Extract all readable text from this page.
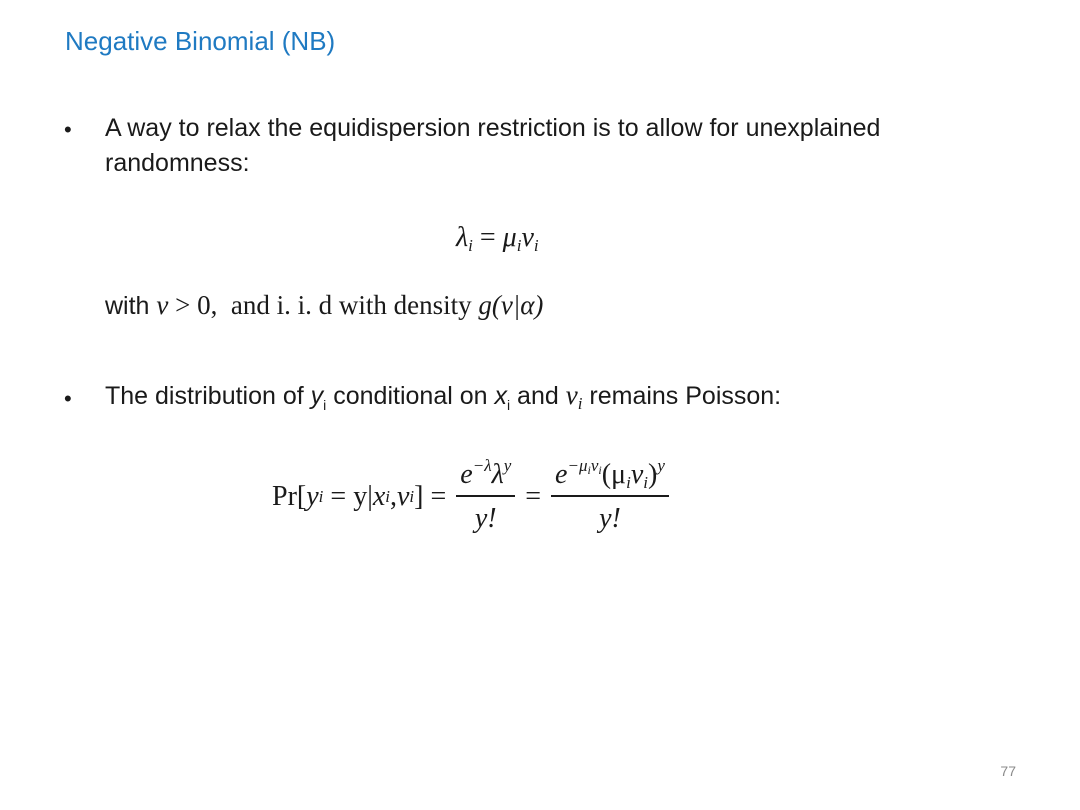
Negative Binomial (NB)
• A way to relax the equidispersion restriction is to allow for unexplained randomness:
$\lambda_i = \mu_i\nu_i$
with ν > 0,  and i. i. d with density g(ν|α)
• The distribution of $y_i$ conditional on $x_i$ and $\nu_i$ remains Poisson:
Pr[ y i = y| x i , ν i ] = $\frac{e^{-\lambda}\lambda^y}{y!} = \frac{e^{-\mu_i\nu_i}(\mu_i\nu_i)^y}{y!}$
77
